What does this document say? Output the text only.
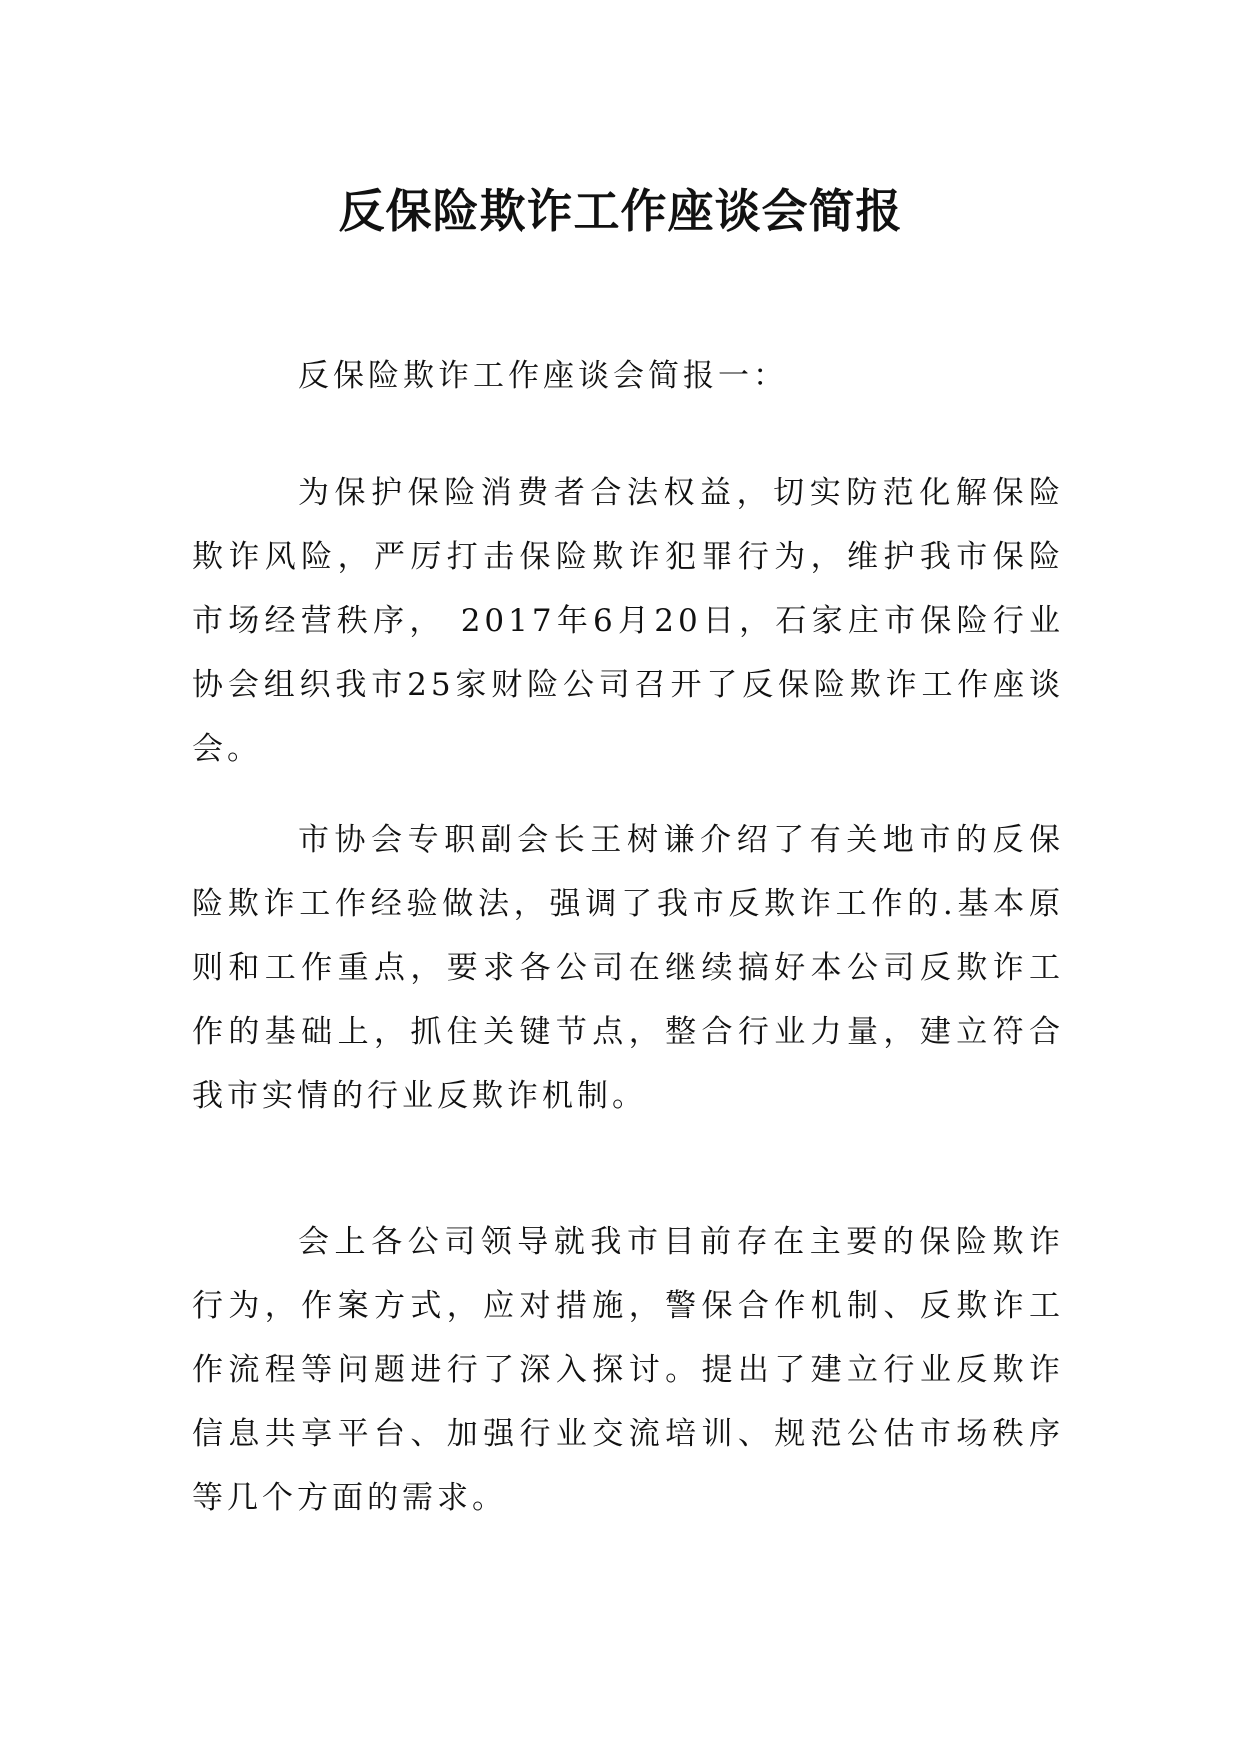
反保险欺诈工作座谈会简报

反保险欺诈工作座谈会简报一：

为保护保险消费者合法权益，切实防范化解保险欺诈风险，严厉打击保险欺诈犯罪行为，维护我市保险市场经营秩序， 2017年6月20日，石家庄市保险行业协会组织我市25家财险公司召开了反保险欺诈工作座谈会。

市协会专职副会长王树谦介绍了有关地市的反保险欺诈工作经验做法，强调了我市反欺诈工作的.基本原则和工作重点，要求各公司在继续搞好本公司反欺诈工作的基础上，抓住关键节点，整合行业力量，建立符合我市实情的行业反欺诈机制。

会上各公司领导就我市目前存在主要的保险欺诈行为，作案方式，应对措施，警保合作机制、反欺诈工作流程等问题进行了深入探讨。提出了建立行业反欺诈信息共享平台、加强行业交流培训、规范公估市场秩序等几个方面的需求。
